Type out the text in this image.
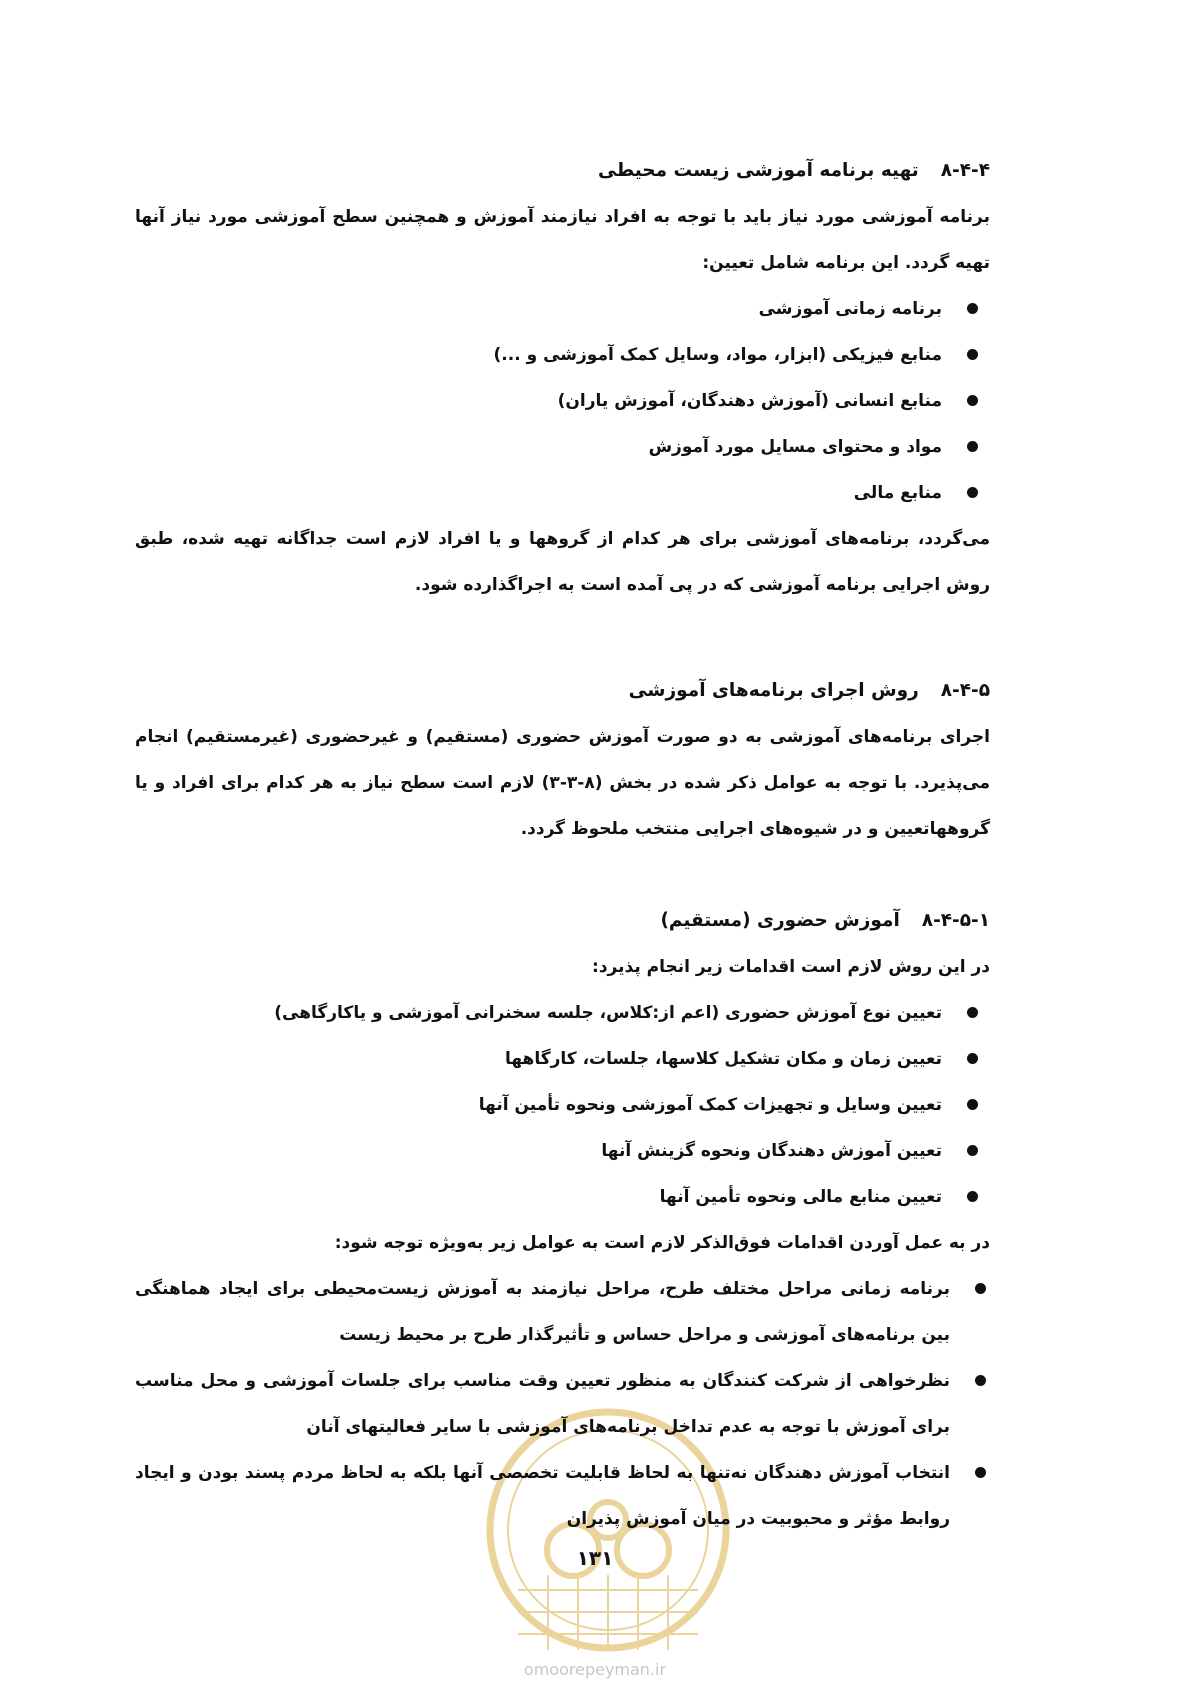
۸-۴-۴تهیه برنامه آموزشی زیست محیطی

برنامه آموزشی مورد نیاز باید با توجه به افراد نیازمند آموزش و همچنین سطح آموزشی مورد نیاز آنها تهیه گردد. این برنامه شامل تعیین:

برنامه زمانی آموزشی
منابع فیزیکی (ابزار، مواد، وسایل کمک آموزشی و ...)
منابع انسانی (آموزش دهندگان، آموزش یاران)
مواد و محتوای مسایل مورد آموزش
منابع مالی

می‌گردد، برنامه‌های آموزشی برای هر کدام از گروهها و یا افراد لازم است جداگانه تهیه شده، طبق روش اجرایی برنامه آموزشی که در پی آمده است به اجراگذارده شود.

۸-۴-۵روش اجرای برنامه‌های آموزشی

اجرای برنامه‌های آموزشی به دو صورت آموزش حضوری (مستقیم) و غیرحضوری (غیرمستقیم) انجام می‌پذیرد. با توجه به عوامل ذکر شده در بخش (۸-۳-۳) لازم است سطح نیاز به هر کدام برای افراد و یا گروههاتعیین و در شیوه‌های اجرایی منتخب ملحوظ گردد.

۸-۴-۵-۱آموزش حضوری (مستقیم)

در این روش لازم است اقدامات زیر انجام پذیرد:

تعیین نوع آموزش حضوری (اعم از:کلاس، جلسه سخنرانی آموزشی و یاکارگاهی)
تعیین زمان و مکان تشکیل کلاسها، جلسات، کارگاهها
تعیین وسایل و تجهیزات کمک آموزشی ونحوه تأمین آنها
تعیین آموزش دهندگان ونحوه گزینش آنها
تعیین منابع مالی ونحوه تأمین آنها

در به عمل آوردن اقدامات فوق‌الذکر لازم است به عوامل زیر به‌ویژه توجه شود:

برنامه زمانی مراحل مختلف طرح، مراحل نیازمند به آموزش زیست‌محیطی برای ایجاد هماهنگی بین برنامه‌های آموزشی و مراحل حساس و تأثیرگذار طرح بر محیط زیست
نظرخواهی از شرکت کنندگان به منظور تعیین وقت مناسب برای جلسات آموزشی و محل مناسب برای آموزش با توجه به عدم تداخل برنامه‌های آموزشی با سایر فعالیتهای آنان
انتخاب آموزش دهندگان نه‌تنها به لحاظ قابلیت تخصصی آنها بلکه به لحاظ مردم پسند بودن و ایجاد روابط مؤثر و محبوبیت در میان آموزش پذیران
۱۳۱
omoorepeyman.ir
